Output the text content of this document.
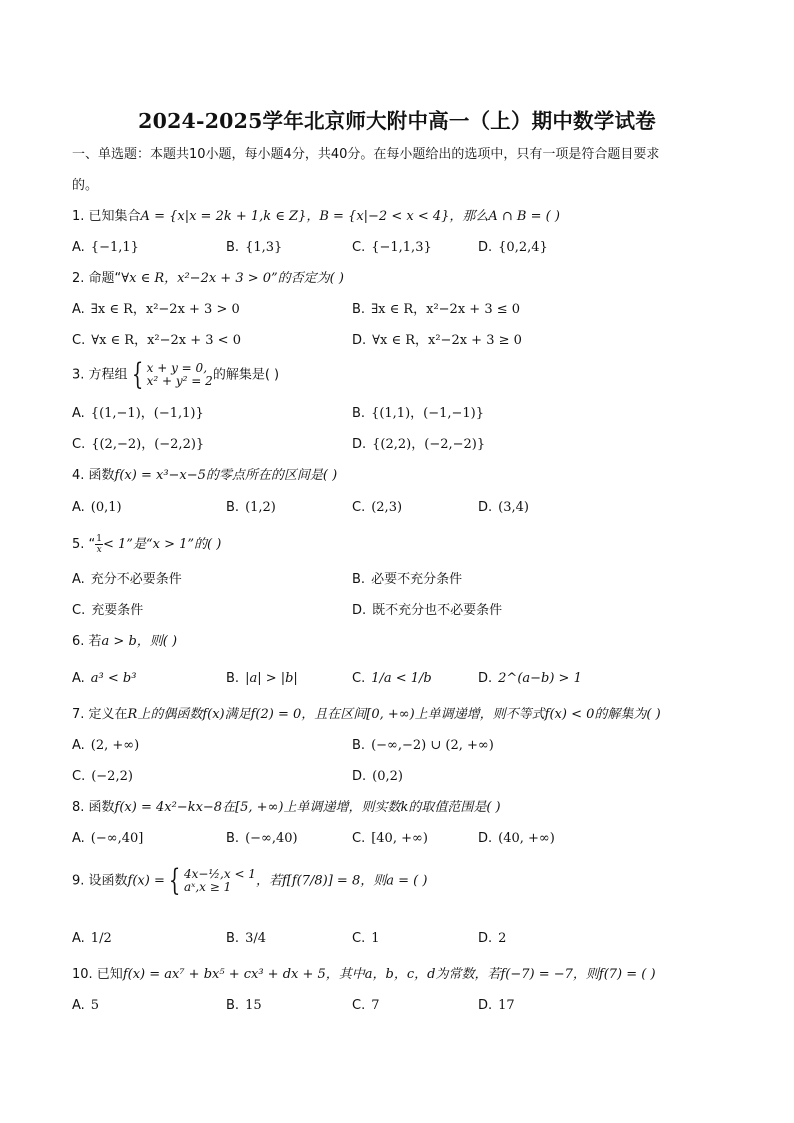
2024-2025学年北京师大附中高一（上）期中数学试卷
一、单选题：本题共10小题，每小题4分，共40分。在每小题给出的选项中，只有一项是符合题目要求
的。
1. 已知集合A = {x|x = 2k + 1,k ∈ Z}，B = {x|−2 < x < 4}，那么A ∩ B = ( )
A. {−1,1}	B. {1,3}	C. {−1,1,3}	D. {0,2,4}
2. 命题“∀x ∈ R，x²−2x + 3 > 0”的否定为( )
A. ∃x ∈ R，x²−2x + 3 > 0	B. ∃x ∈ R，x²−2x + 3 ≤ 0
C. ∀x ∈ R，x²−2x + 3 < 0	D. ∀x ∈ R，x²−2x + 3 ≥ 0
3. 方程组 { x + y = 0,
x² + y² = 2 的解集是( )
A. {(1,−1)，(−1,1)}	B. {(1,1)，(−1,−1)}
C. {(2,−2)，(−2,2)}	D. {(2,2)，(−2,−2)}
4. 函数f(x) = x³−x−5的零点所在的区间是( )
A. (0,1)	B. (1,2)	C. (2,3)	D. (3,4)
5. “ $\frac{1}{x} < 1$”是“x > 1”的( )
A. 充分不必要条件	B. 必要不充分条件
C. 充要条件	D. 既不充分也不必要条件
6. 若a > b，则( )
A. a³ < b³	B. |a| > |b|	C. 1/a < 1/b	D. 2^(a−b) > 1
7. 定义在R上的偶函数f(x)满足f(2) = 0，且在区间[0, +∞)上单调递增，则不等式f(x) < 0的解集为( )
A. (2, +∞)	B. (−∞,−2) ∪ (2, +∞)
C. (−2,2)	D. (0,2)
8. 函数f(x) = 4x²−kx−8在[5, +∞)上单调递增，则实数k的取值范围是( )
A. (−∞,40]	B. (−∞,40)	C. [40, +∞)	D. (40, +∞)
9. 设函数f(x) = { 4x−½,x < 1
aˣ,x ≥ 1	，若f[f(7/8)] = 8，则a = ( )
A. 1/2	B. 3/4	C. 1	D. 2
10. 已知f(x) = ax⁷ + bx⁵ + cx³ + dx + 5，其中a，b，c，d为常数，若f(−7) = −7，则f(7) = ( )
A. 5	B. 15	C. 7	D. 17
